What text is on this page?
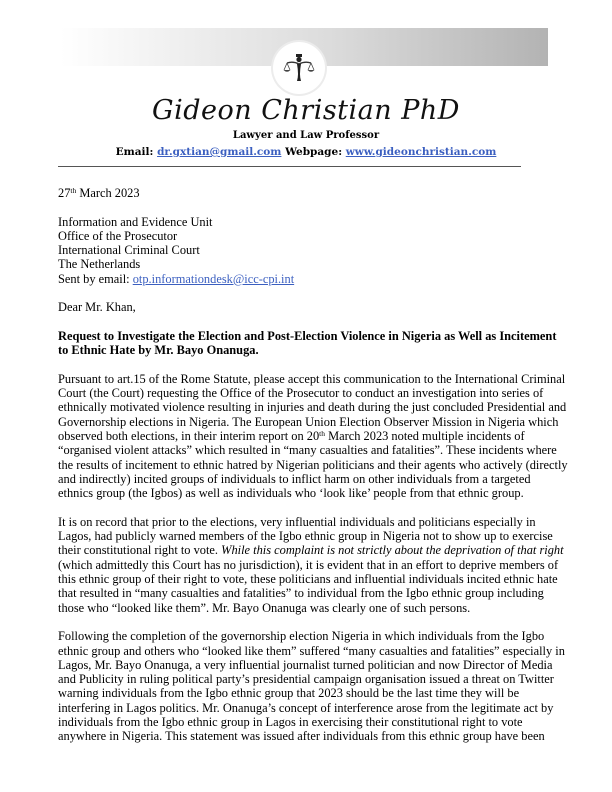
Gideon Christian PhD
Lawyer and Law Professor
Email: dr.gxtian@gmail.com Webpage: www.gideonchristian.com

27th March 2023

Information and Evidence Unit
Office of the Prosecutor
International Criminal Court
The Netherlands
Sent by email: otp.informationdesk@icc-cpi.int

Dear Mr. Khan,

Request to Investigate the Election and Post-Election Violence in Nigeria as Well as Incitement to Ethnic Hate by Mr. Bayo Onanuga.

Pursuant to art.15 of the Rome Statute, please accept this communication to the International Criminal Court (the Court) requesting the Office of the Prosecutor to conduct an investigation into series of ethnically motivated violence resulting in injuries and death during the just concluded Presidential and Governorship elections in Nigeria. The European Union Election Observer Mission in Nigeria which observed both elections, in their interim report on 20th March 2023 noted multiple incidents of “organised violent attacks” which resulted in “many casualties and fatalities”. These incidents where the results of incitement to ethnic hatred by Nigerian politicians and their agents who actively (directly and indirectly) incited groups of individuals to inflict harm on other individuals from a targeted ethnics group (the Igbos) as well as individuals who ‘look like’ people from that ethnic group.

It is on record that prior to the elections, very influential individuals and politicians especially in Lagos, had publicly warned members of the Igbo ethnic group in Nigeria not to show up to exercise their constitutional right to vote. While this complaint is not strictly about the deprivation of that right (which admittedly this Court has no jurisdiction), it is evident that in an effort to deprive members of this ethnic group of their right to vote, these politicians and influential individuals incited ethnic hate that resulted in “many casualties and fatalities” to individual from the Igbo ethnic group including those who “looked like them”. Mr. Bayo Onanuga was clearly one of such persons.

Following the completion of the governorship election Nigeria in which individuals from the Igbo ethnic group and others who “looked like them” suffered “many casualties and fatalities” especially in Lagos, Mr. Bayo Onanuga, a very influential journalist turned politician and now Director of Media and Publicity in ruling political party’s presidential campaign organisation issued a threat on Twitter warning individuals from the Igbo ethnic group that 2023 should be the last time they will be interfering in Lagos politics. Mr. Onanuga’s concept of interference arose from the legitimate act by individuals from the Igbo ethnic group in Lagos in exercising their constitutional right to vote anywhere in Nigeria. This statement was issued after individuals from this ethnic group have been
